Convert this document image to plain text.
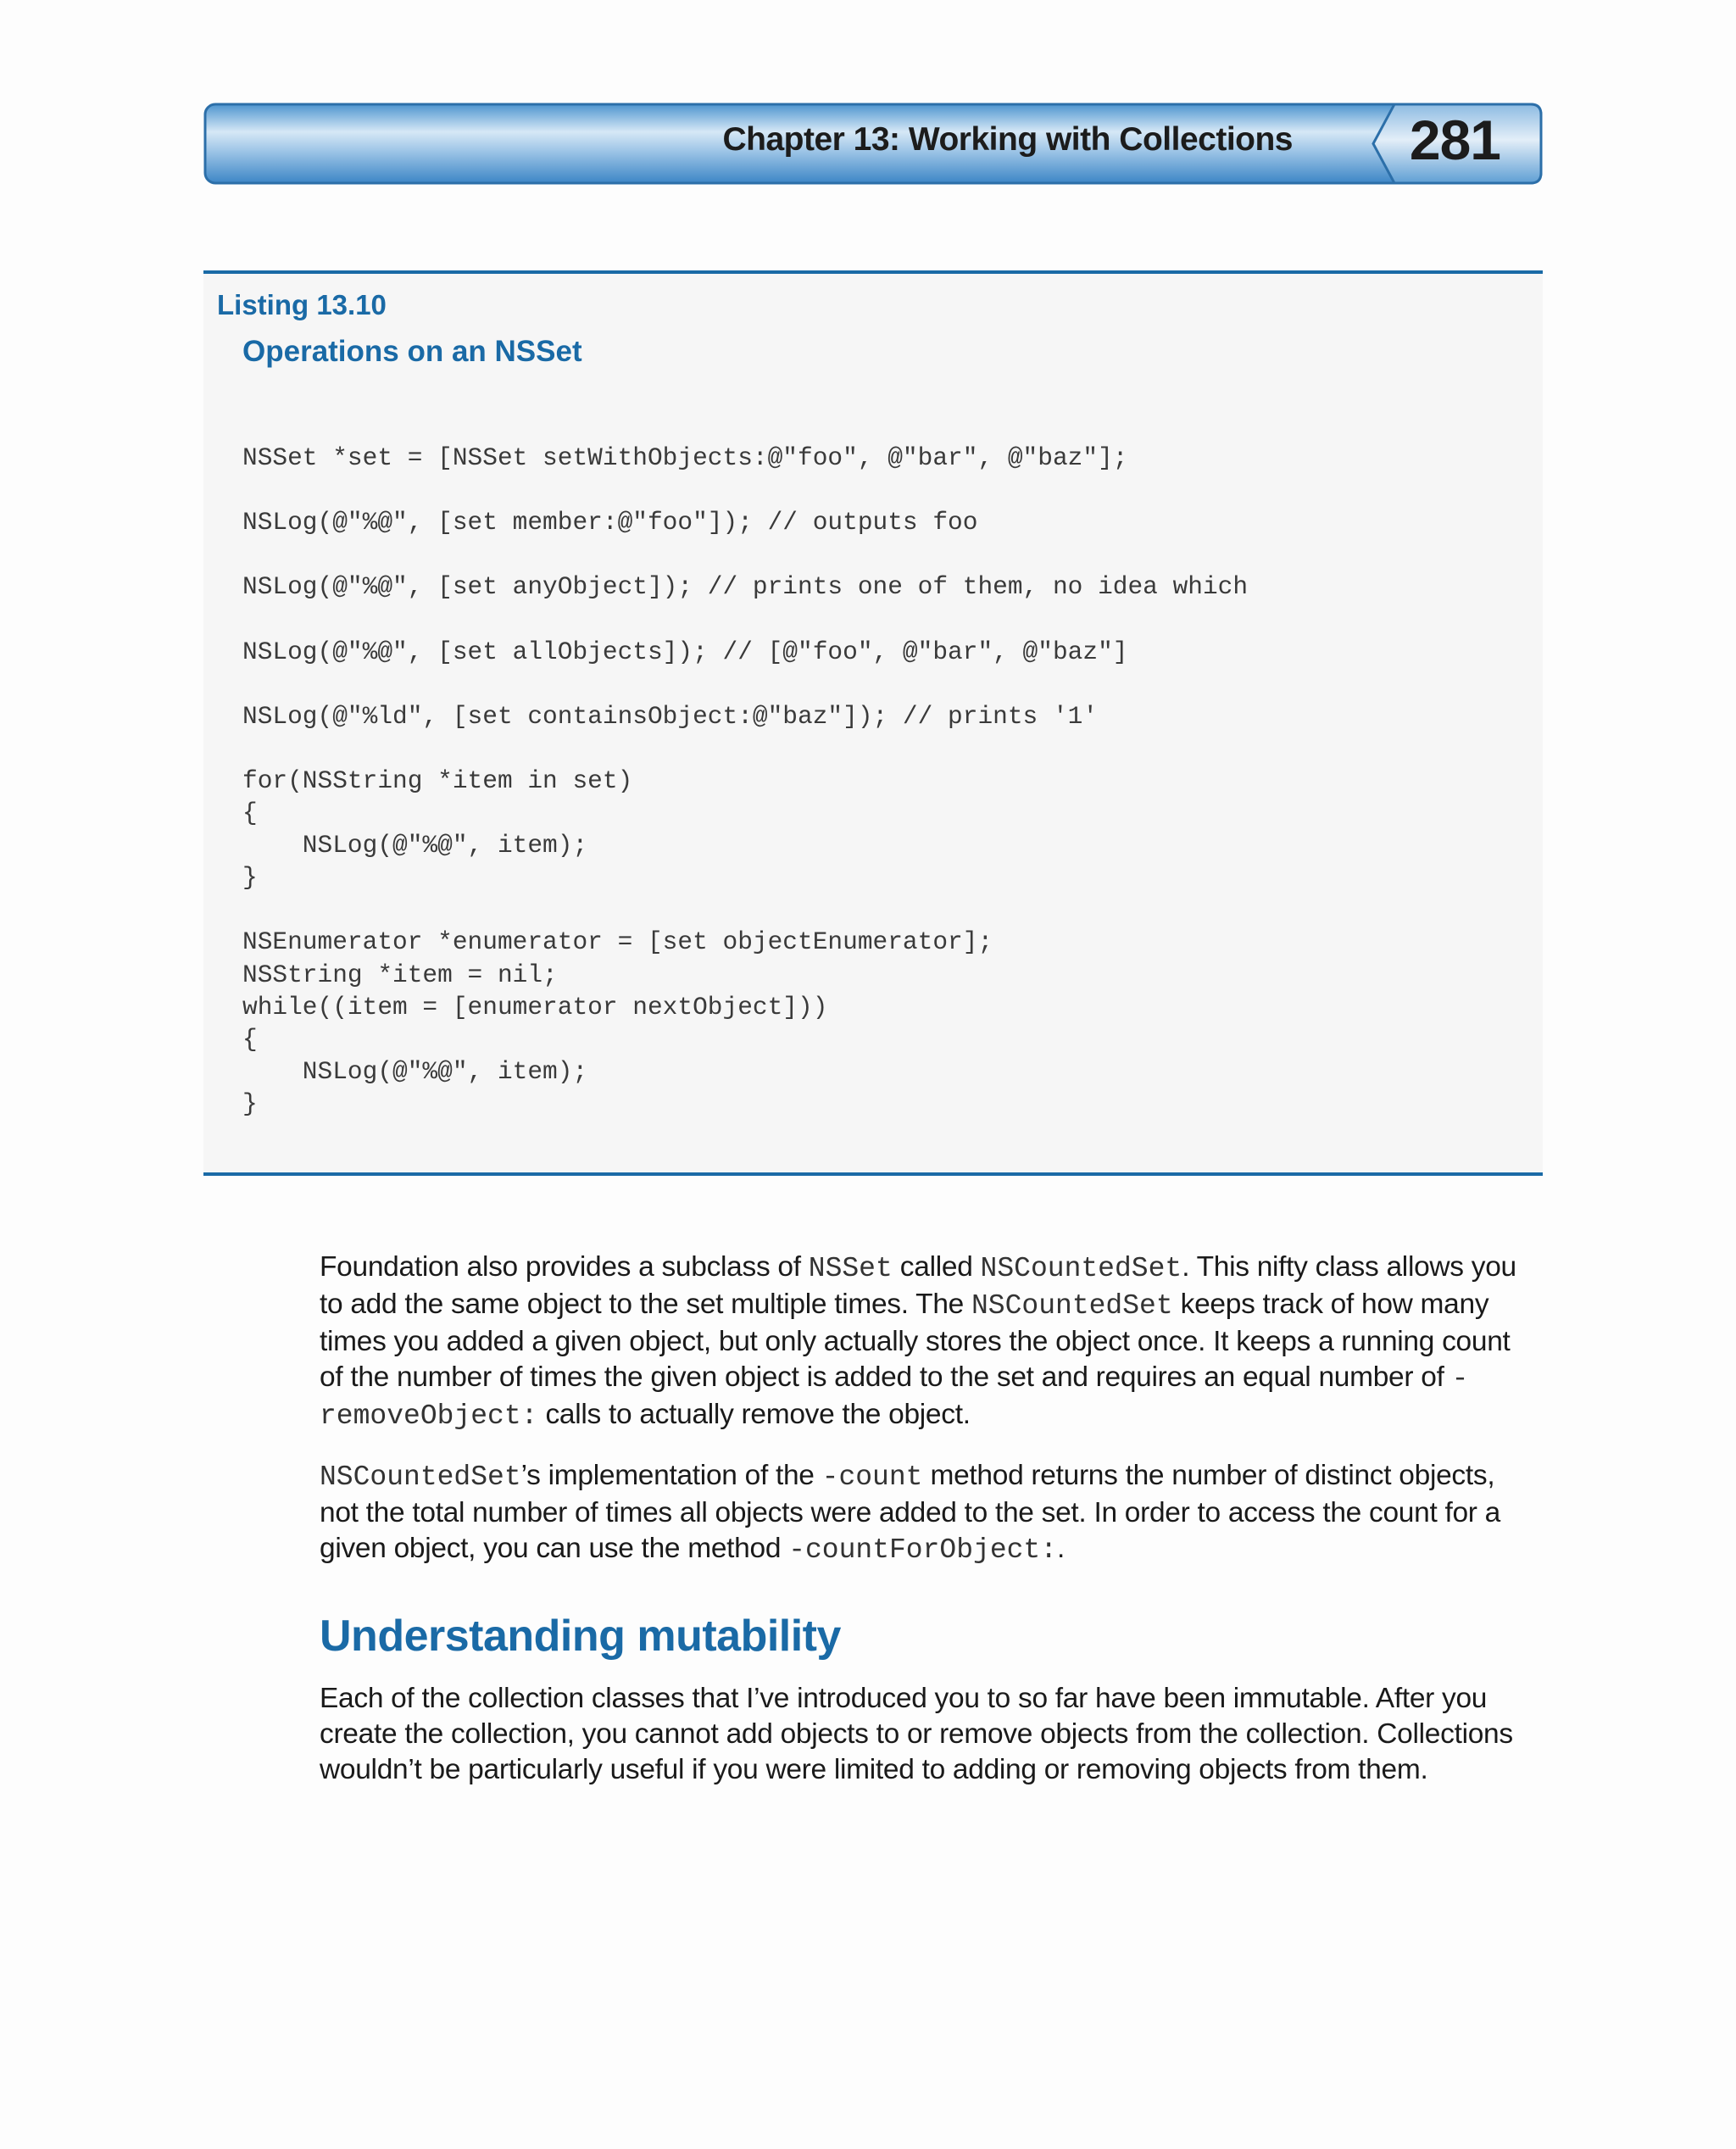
Chapter 13: Working with Collections 281
Listing 13.10
Operations on an NSSet
NSSet *set = [NSSet setWithObjects:@"foo", @"bar", @"baz"];

NSLog(@"%@", [set member:@"foo"]); // outputs foo

NSLog(@"%@", [set anyObject]); // prints one of them, no idea which

NSLog(@"%@", [set allObjects]); // [@"foo", @"bar", @"baz"]

NSLog(@"%ld", [set containsObject:@"baz"]); // prints '1'

for(NSString *item in set)
{
NSLog(@"%@", item);
}

NSEnumerator *enumerator = [set objectEnumerator];
NSString *item = nil;
while((item = [enumerator nextObject]))
{
NSLog(@"%@", item);
}
Foundation also provides a subclass of NSSet called NSCountedSet. This nifty class allows you to add the same object to the set multiple times. The NSCountedSet keeps track of how many times you added a given object, but only actually stores the object once. It keeps a running count of the number of times the given object is added to the set and requires an equal number of -removeObject: calls to actually remove the object.
NSCountedSet’s implementation of the -count method returns the number of distinct objects, not the total number of times all objects were added to the set. In order to access the count for a given object, you can use the method -countForObject:.
Understanding mutability
Each of the collection classes that I’ve introduced you to so far have been immutable. After you create the collection, you cannot add objects to or remove objects from the collection. Collections wouldn’t be particularly useful if you were limited to adding or removing objects from them.
